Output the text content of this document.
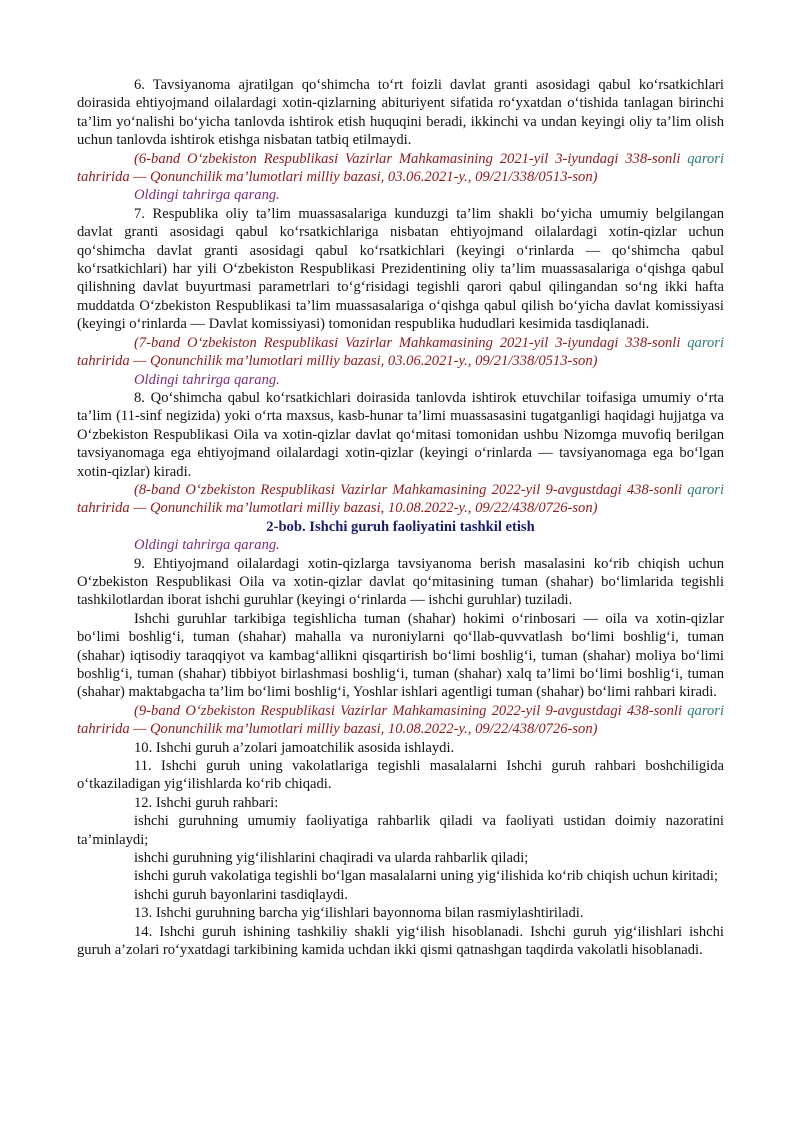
6. Tavsiyanoma ajratilgan qo‘shimcha to‘rt foizli davlat granti asosidagi qabul ko‘rsatkichlari doirasida ehtiyojmand oilalardagi xotin-qizlarning abituriyent sifatida ro‘yxatdan o‘tishida tanlagan birinchi ta’lim yo‘nalishi bo‘yicha tanlovda ishtirok etish huquqini beradi, ikkinchi va undan keyingi oliy ta’lim olish uchun tanlovda ishtirok etishga nisbatan tatbiq etilmaydi.

(6-band O‘zbekiston Respublikasi Vazirlar Mahkamasining 2021-yil 3-iyundagi 338-sonli qarori tahririda — Qonunchilik ma’lumotlari milliy bazasi, 03.06.2021-y., 09/21/338/0513-son)

Oldingi tahrirga qarang.

7. Respublika oliy ta’lim muassasalariga kunduzgi ta’lim shakli bo‘yicha umumiy belgilangan davlat granti asosidagi qabul ko‘rsatkichlariga nisbatan ehtiyojmand oilalardagi xotin-qizlar uchun qo‘shimcha davlat granti asosidagi qabul ko‘rsatkichlari (keyingi o‘rinlarda — qo‘shimcha qabul ko‘rsatkichlari) har yili O‘zbekiston Respublikasi Prezidentining oliy ta’lim muassasalariga o‘qishga qabul qilishning davlat buyurtmasi parametrlari to‘g‘risidagi tegishli qarori qabul qilingandan so‘ng ikki hafta muddatda O‘zbekiston Respublikasi ta’lim muassasalariga o‘qishga qabul qilish bo‘yicha davlat komissiyasi (keyingi o‘rinlarda — Davlat komissiyasi) tomonidan respublika hududlari kesimida tasdiqlanadi.

(7-band O‘zbekiston Respublikasi Vazirlar Mahkamasining 2021-yil 3-iyundagi 338-sonli qarori tahririda — Qonunchilik ma’lumotlari milliy bazasi, 03.06.2021-y., 09/21/338/0513-son)

Oldingi tahrirga qarang.

8. Qo‘shimcha qabul ko‘rsatkichlari doirasida tanlovda ishtirok etuvchilar toifasiga umumiy o‘rta ta’lim (11-sinf negizida) yoki o‘rta maxsus, kasb-hunar ta’limi muassasasini tugatganligi haqidagi hujjatga va O‘zbekiston Respublikasi Oila va xotin-qizlar davlat qo‘mitasi tomonidan ushbu Nizomga muvofiq berilgan tavsiyanomaga ega ehtiyojmand oilalardagi xotin-qizlar (keyingi o‘rinlarda — tavsiyanomaga ega bo‘lgan xotin-qizlar) kiradi.

(8-band O‘zbekiston Respublikasi Vazirlar Mahkamasining 2022-yil 9-avgustdagi 438-sonli qarori tahririda — Qonunchilik ma’lumotlari milliy bazasi, 10.08.2022-y., 09/22/438/0726-son)

2-bob. Ishchi guruh faoliyatini tashkil etish

Oldingi tahrirga qarang.

9. Ehtiyojmand oilalardagi xotin-qizlarga tavsiyanoma berish masalasini ko‘rib chiqish uchun O‘zbekiston Respublikasi Oila va xotin-qizlar davlat qo‘mitasining tuman (shahar) bo‘limlarida tegishli tashkilotlardan iborat ishchi guruhlar (keyingi o‘rinlarda — ishchi guruhlar) tuziladi.

Ishchi guruhlar tarkibiga tegishlicha tuman (shahar) hokimi o‘rinbosari — oila va xotin-qizlar bo‘limi boshlig‘i, tuman (shahar) mahalla va nuroniylarni qo‘llab-quvvatlash bo‘limi boshlig‘i, tuman (shahar) iqtisodiy taraqqiyot va kambag‘allikni qisqartirish bo‘limi boshlig‘i, tuman (shahar) moliya bo‘limi boshlig‘i, tuman (shahar) tibbiyot birlashmasi boshlig‘i, tuman (shahar) xalq ta’limi bo‘limi boshlig‘i, tuman (shahar) maktabgacha ta’lim bo‘limi boshlig‘i, Yoshlar ishlari agentligi tuman (shahar) bo‘limi rahbari kiradi.

(9-band O‘zbekiston Respublikasi Vazirlar Mahkamasining 2022-yil 9-avgustdagi 438-sonli qarori tahririda — Qonunchilik ma’lumotlari milliy bazasi, 10.08.2022-y., 09/22/438/0726-son)

10. Ishchi guruh a’zolari jamoatchilik asosida ishlaydi.

11. Ishchi guruh uning vakolatlariga tegishli masalalarni Ishchi guruh rahbari boshchiligida o‘tkaziladigan yig‘ilishlarda ko‘rib chiqadi.

12. Ishchi guruh rahbari:

ishchi guruhning umumiy faoliyatiga rahbarlik qiladi va faoliyati ustidan doimiy nazoratini ta’minlaydi;

ishchi guruhning yig‘ilishlarini chaqiradi va ularda rahbarlik qiladi;

ishchi guruh vakolatiga tegishli bo‘lgan masalalarni uning yig‘ilishida ko‘rib chiqish uchun kiritadi;

ishchi guruh bayonlarini tasdiqlaydi.

13. Ishchi guruhning barcha yig‘ilishlari bayonnoma bilan rasmiylashtiriladi.

14. Ishchi guruh ishining tashkiliy shakli yig‘ilish hisoblanadi. Ishchi guruh yig‘ilishlari ishchi guruh a’zolari ro‘yxatdagi tarkibining kamida uchdan ikki qismi qatnashgan taqdirda vakolatli hisoblanadi.
